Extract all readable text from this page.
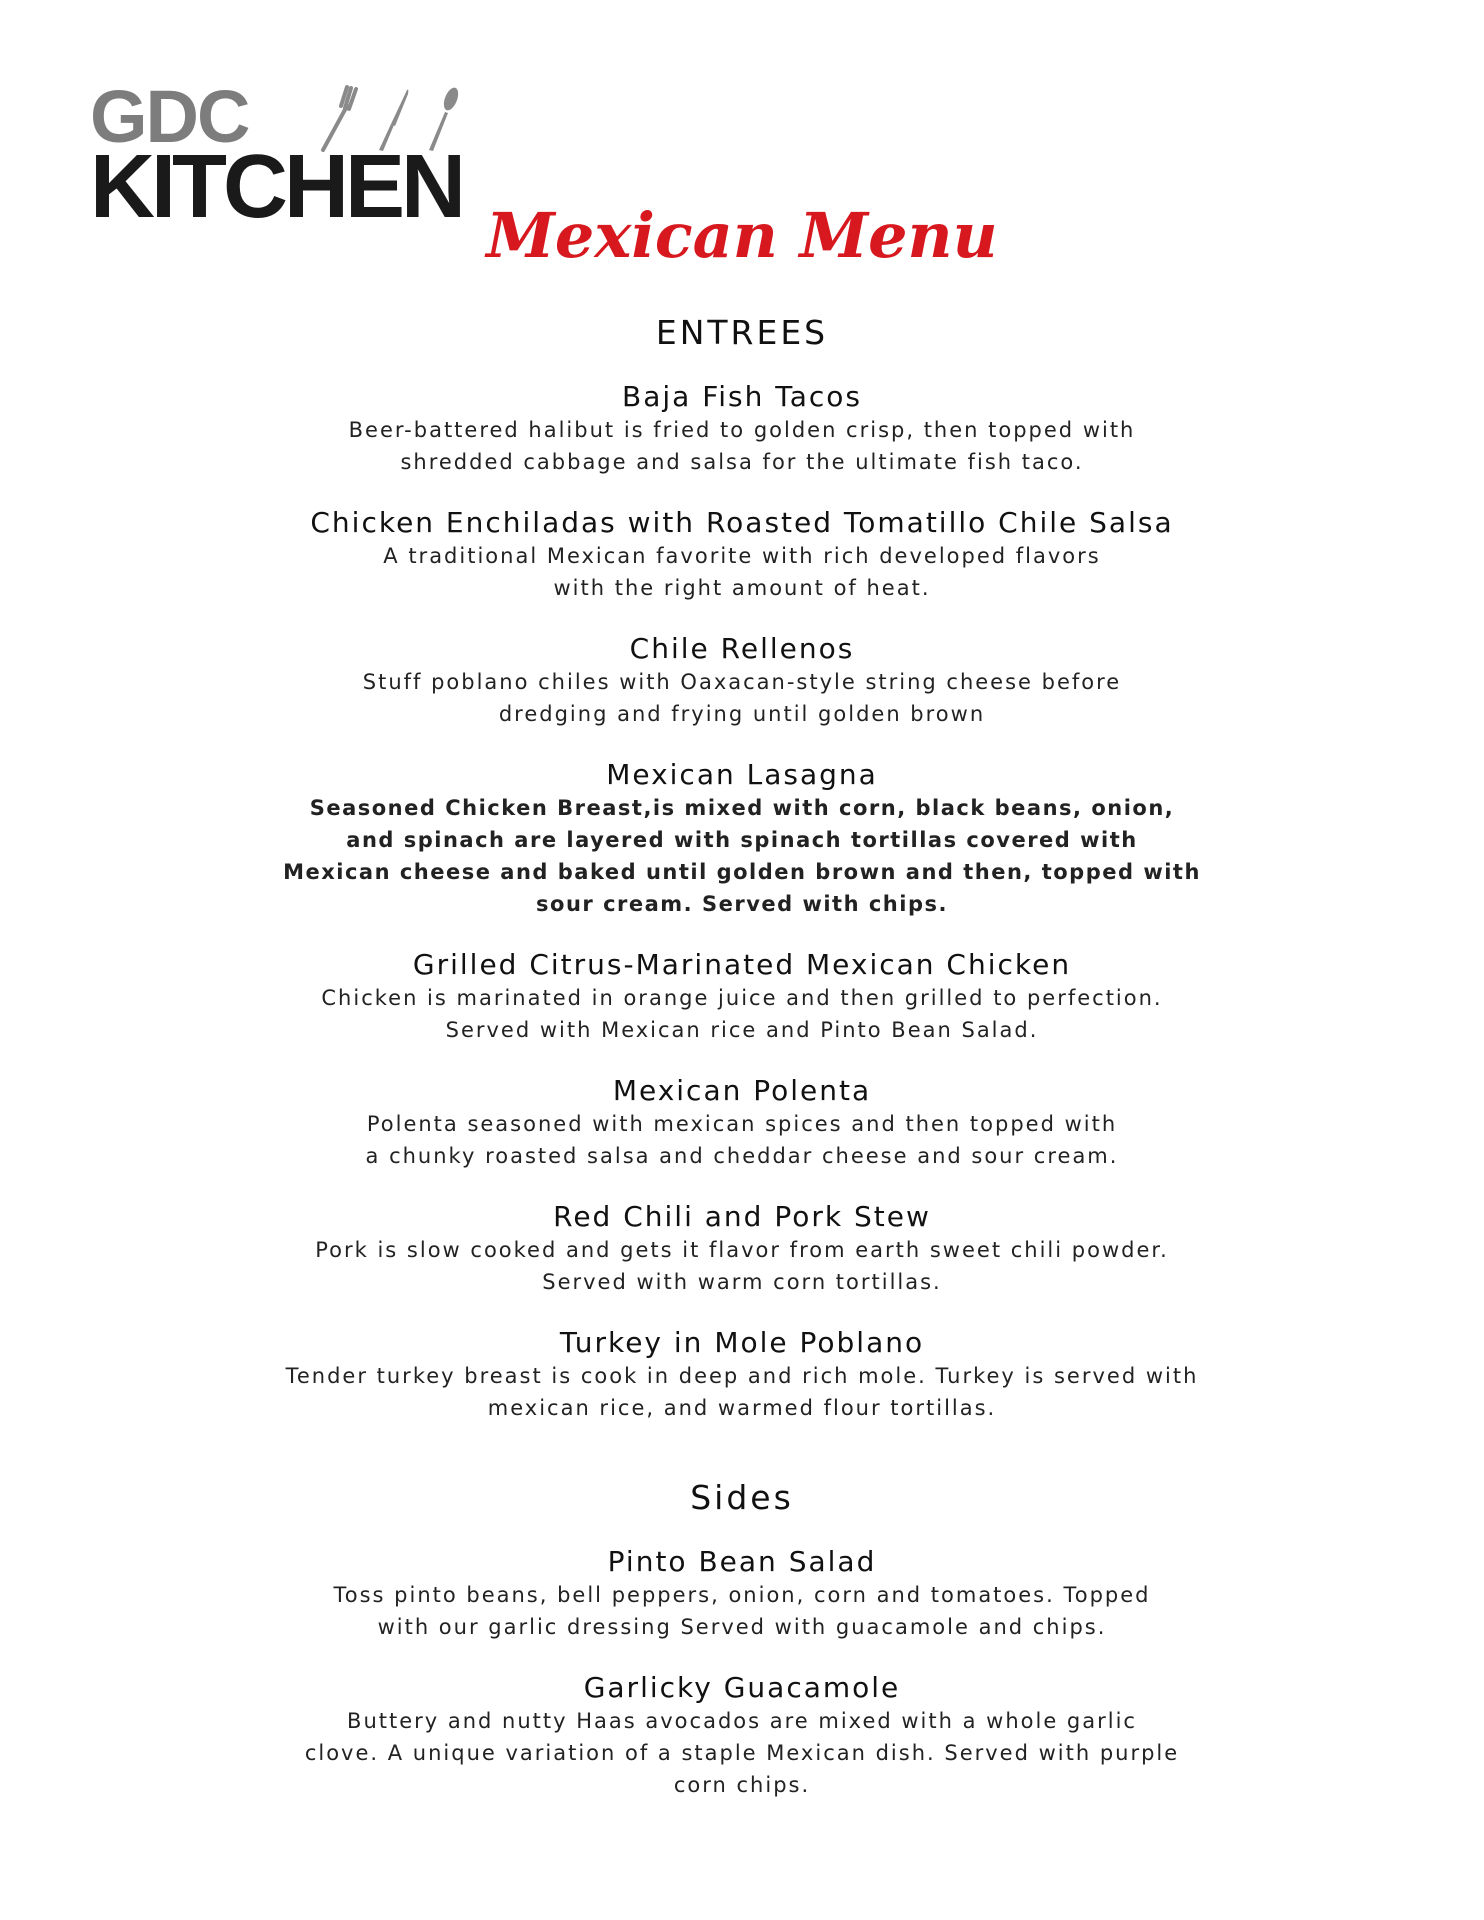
GDC
KITCHEN Mexican Menu
ENTREES
Baja Fish Tacos
Beer-battered halibut is fried to golden crisp, then topped with
shredded cabbage and salsa for the ultimate fish taco.
Chicken Enchiladas with Roasted Tomatillo Chile Salsa
A traditional Mexican favorite with rich developed flavors
with the right amount of heat.
Chile Rellenos
Stuff poblano chiles with Oaxacan-style string cheese before
dredging and frying until golden brown
Mexican Lasagna
Seasoned Chicken Breast,is mixed with corn, black beans, onion,
and spinach are layered with spinach tortillas covered with
Mexican cheese and baked until golden brown and then, topped with
sour cream. Served with chips.
Grilled Citrus-Marinated Mexican Chicken
Chicken is marinated in orange juice and then grilled to perfection.
Served with Mexican rice and Pinto Bean Salad.
Mexican Polenta
Polenta seasoned with mexican spices and then topped with
a chunky roasted salsa and cheddar cheese and sour cream.
Red Chili and Pork Stew
Pork is slow cooked and gets it flavor from earth sweet chili powder.
Served with warm corn tortillas.
Turkey in Mole Poblano
Tender turkey breast is cook in deep and rich mole. Turkey is served with
mexican rice, and warmed flour tortillas.
Sides
Pinto Bean Salad
Toss pinto beans, bell peppers, onion, corn and tomatoes. Topped
with our garlic dressing Served with guacamole and chips.
Garlicky Guacamole
Buttery and nutty Haas avocados are mixed with a whole garlic
clove. A unique variation of a staple Mexican dish. Served with purple
corn chips.
